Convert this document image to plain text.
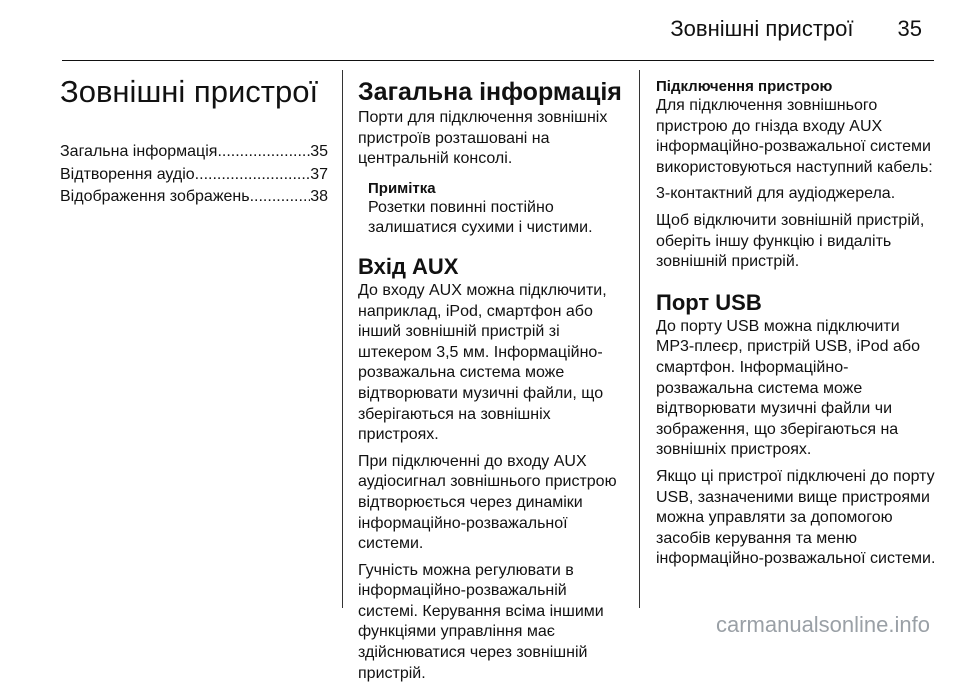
Зовнішні пристрої 35
Зовнішні пристрої
Загальна інформація .....	35
Відтворення аудіо .....	37
Відображення зображень .....	38
Загальна інформація

Порти для підключення зовнішніх пристроїв розташовані на центральній консолі.

Примітка
Розетки повинні постійно залишатися сухими і чистими.
Вхід AUX

До входу AUX можна підключити, наприклад, iPod, смартфон або інший зовнішній пристрій зі штекером 3,5 мм. Інформаційно-розважальна система може відтворювати музичні файли, що зберігаються на зовнішніх пристроях.

При підключенні до входу AUX аудіосигнал зовнішнього пристрою відтворюється через динаміки інформаційно-розважальної системи.

Гучність можна регулювати в інформаційно-розважальній системі. Керування всіма іншими функціями управління має здійснюватися через зовнішній пристрій.

Підключення пристрою

Для підключення зовнішнього пристрою до гнізда входу AUX інформаційно-розважальної системи використовуються наступний кабель:

3-контактний для аудіоджерела.

Щоб відключити зовнішній пристрій, оберіть іншу функцію і видаліть зовнішній пристрій.

Порт USB

До порту USB можна підключити MP3-плеєр, пристрій USB, iPod або смартфон. Інформаційно-розважальна система може відтворювати музичні файли чи зображення, що зберігаються на зовнішніх пристроях.

Якщо ці пристрої підключені до порту USB, зазначеними вище пристроями можна управляти за допомогою засобів керування та меню інформаційно-розважальної системи.

carmanualsonline.info
